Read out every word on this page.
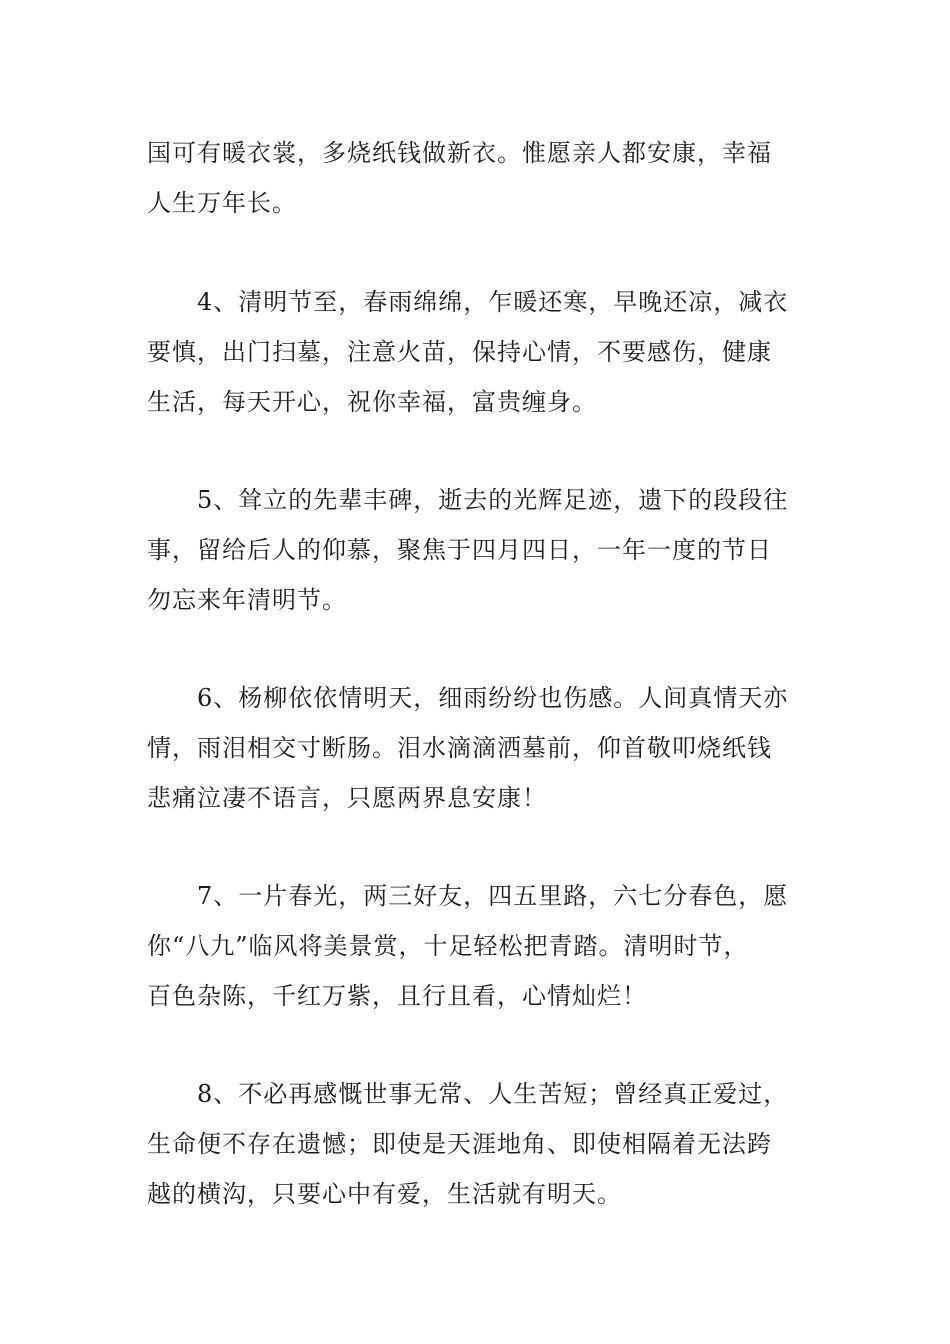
国可有暖衣裳，多烧纸钱做新衣。惟愿亲人都安康，幸福
人生万年长。
　　4、清明节至，春雨绵绵，乍暖还寒，早晚还凉，减衣
要慎，出门扫墓，注意火苗，保持心情，不要感伤，健康
生活，每天开心，祝你幸福，富贵缠身。
　　5、耸立的先辈丰碑，逝去的光辉足迹，遗下的段段往
事，留给后人的仰慕，聚焦于四月四日，一年一度的节日
勿忘来年清明节。
　　6、杨柳依依情明天，细雨纷纷也伤感。人间真情天亦
情，雨泪相交寸断肠。泪水滴滴洒墓前，仰首敬叩烧纸钱
悲痛泣凄不语言，只愿两界息安康！
　　7、一片春光，两三好友，四五里路，六七分春色，愿
你“八九”临风将美景赏，十足轻松把青踏。清明时节，
百色杂陈，千红万紫，且行且看，心情灿烂！
　　8、不必再感慨世事无常、人生苦短；曾经真正爱过，
生命便不存在遗憾；即使是天涯地角、即使相隔着无法跨
越的横沟，只要心中有爱，生活就有明天。
